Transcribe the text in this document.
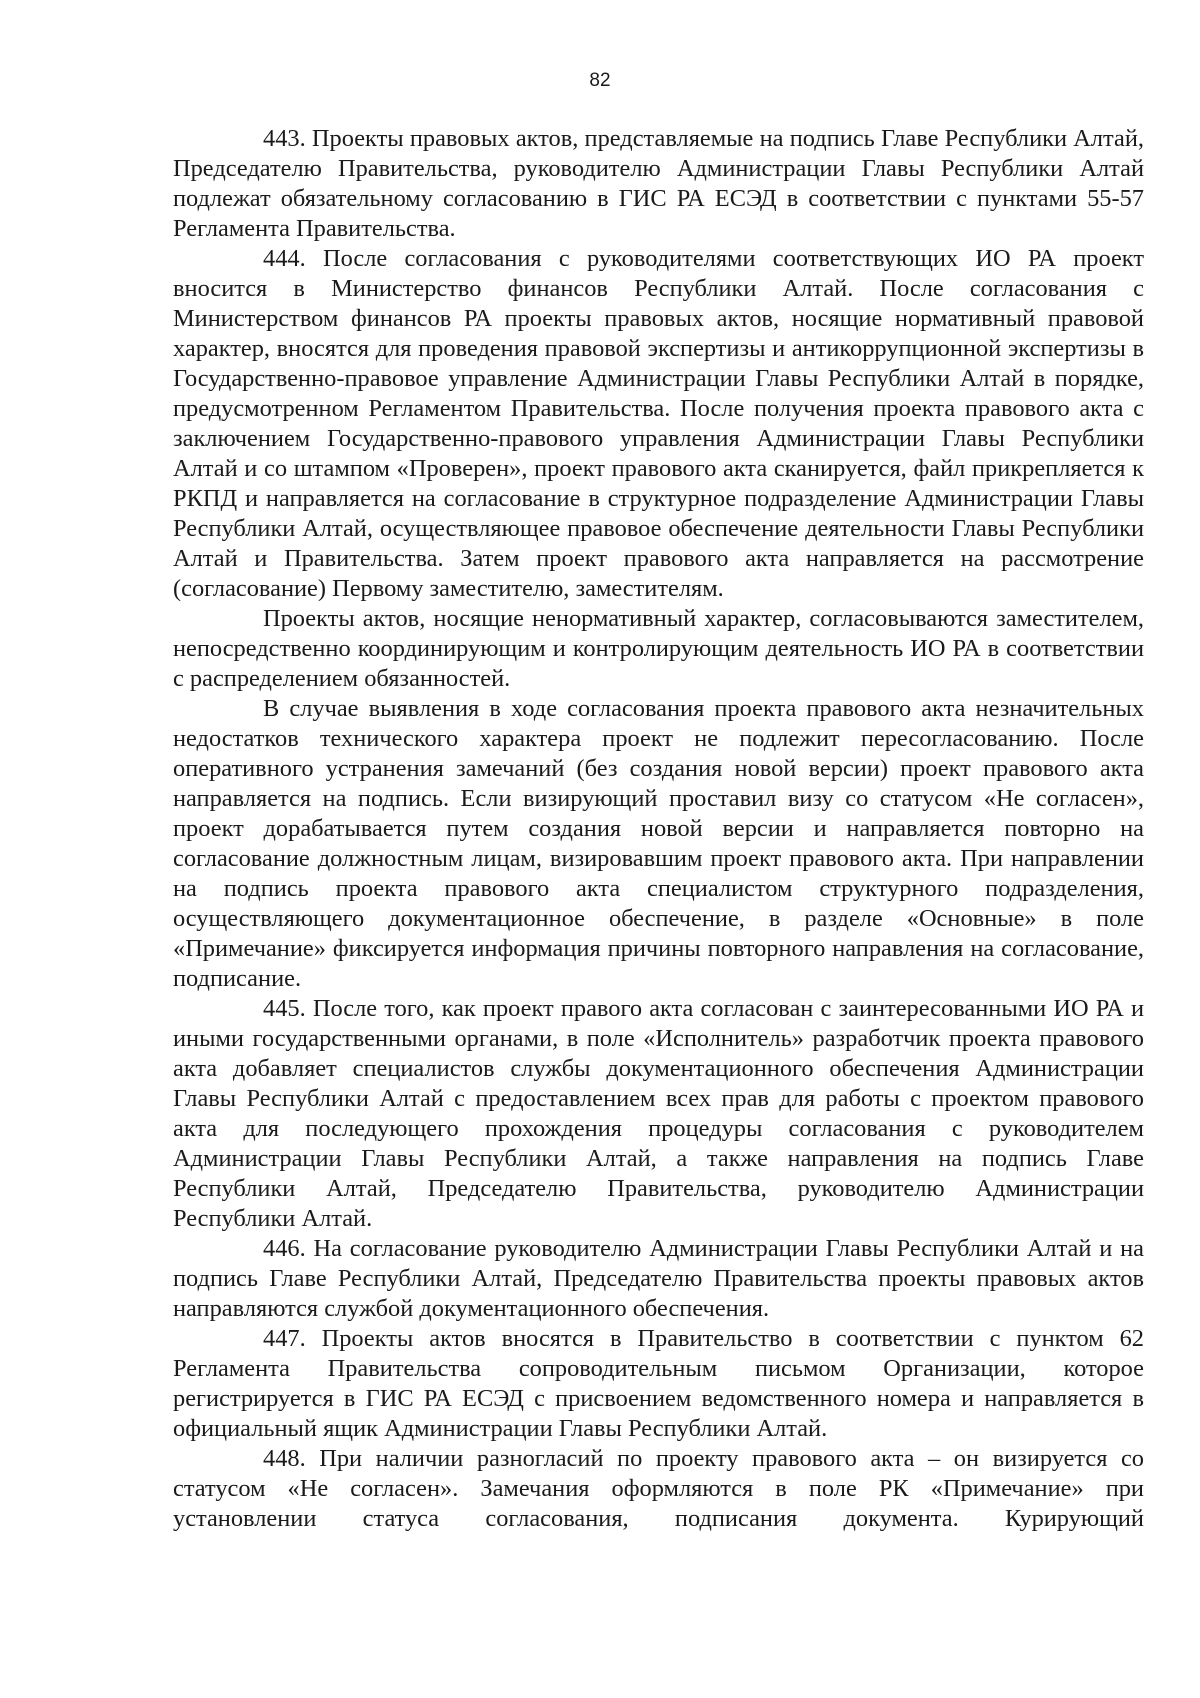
82

443. Проекты правовых актов, представляемые на подпись Главе Республики Алтай, Председателю Правительства, руководителю Администрации Главы Республики Алтай подлежат обязательному согласованию в ГИС РА ЕСЭД в соответствии с пунктами 55-57 Регламента Правительства.

444. После согласования с руководителями соответствующих ИО РА проект вносится в Министерство финансов Республики Алтай. После согласования с Министерством финансов РА проекты правовых актов, носящие нормативный правовой характер, вносятся для проведения правовой экспертизы и антикоррупционной экспертизы в Государственно-правовое управление Администрации Главы Республики Алтай в порядке, предусмотренном Регламентом Правительства. После получения проекта правового акта с заключением Государственно-правового управления Администрации Главы Республики Алтай и со штампом «Проверен», проект правового акта сканируется, файл прикрепляется к РКПД и направляется на согласование в структурное подразделение Администрации Главы Республики Алтай, осуществляющее правовое обеспечение деятельности Главы Республики Алтай и Правительства. Затем проект правового акта направляется на рассмотрение (согласование) Первому заместителю, заместителям.

Проекты актов, носящие ненормативный характер, согласовываются заместителем, непосредственно координирующим и контролирующим деятельность ИО РА в соответствии с распределением обязанностей.

В случае выявления в ходе согласования проекта правового акта незначительных недостатков технического характера проект не подлежит пересогласованию. После оперативного устранения замечаний (без создания новой версии) проект правового акта направляется на подпись. Если визирующий проставил визу со статусом «Не согласен», проект дорабатывается путем создания новой версии и направляется повторно на согласование должностным лицам, визировавшим проект правового акта. При направлении на подпись проекта правового акта специалистом структурного подразделения, осуществляющего документационное обеспечение, в разделе «Основные» в поле «Примечание» фиксируется информация причины повторного направления на согласование, подписание.

445. После того, как проект правого акта согласован с заинтересованными ИО РА и иными государственными органами, в поле «Исполнитель» разработчик проекта правового акта добавляет специалистов службы документационного обеспечения Администрации Главы Республики Алтай с предоставлением всех прав для работы с проектом правового акта для последующего прохождения процедуры согласования с руководителем Администрации Главы Республики Алтай, а также направления на подпись Главе Республики Алтай, Председателю Правительства, руководителю Администрации Республики Алтай.

446. На согласование руководителю Администрации Главы Республики Алтай и на подпись Главе Республики Алтай, Председателю Правительства проекты правовых актов направляются службой документационного обеспечения.

447. Проекты актов вносятся в Правительство в соответствии с пунктом 62 Регламента Правительства сопроводительным письмом Организации, которое регистрируется в ГИС РА ЕСЭД с присвоением ведомственного номера и направляется в официальный ящик Администрации Главы Республики Алтай.

448. При наличии разногласий по проекту правового акта – он визируется со статусом «Не согласен». Замечания оформляются в поле РК «Примечание» при установлении статуса согласования, подписания документа. Курирующий
